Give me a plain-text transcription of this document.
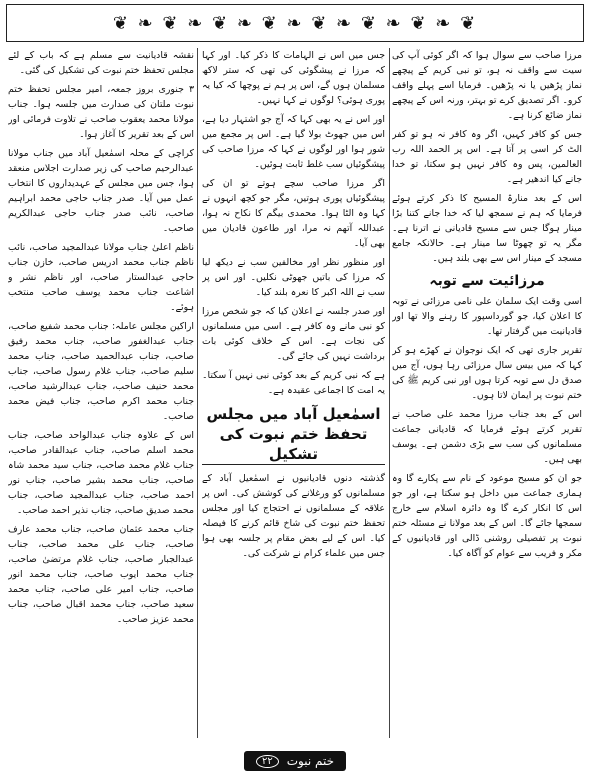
❦ ❧ ❦ ❧ ❦ ❧ ❦ ❧ ❦ ❧ ❦ ❧ ❦ ❧ ❦

مرزا صاحب سے سوال ہوا کہ اگر کوئی آپ کی سیت سے واقف نہ ہو، تو نبی کریم کے پیچھے نماز پڑھیں یا نہ پڑھیں۔ فرمایا اسے پہلے واقف کرو۔ اگر تصدیق کرے تو بہتر، ورنہ اس کے پیچھے نماز ضائع کرنا ہے۔

جس کو کافر کہیں، اگر وہ کافر نہ ہو تو کفر الٹ کر اسی پر آتا ہے۔ اس پر الحمد اللہ رب العالمین، پس وہ کافر نہیں ہو سکتا، تو خدا جانے کیا اندھیر ہے۔

اس کے بعد منارۃ المسیح کا ذکر کرتے ہوئے فرمایا کہ ہم نے سمجھ لیا کہ خدا جانے کتنا بڑا مینار ہوگا جس سے مسیح قادیانی نے اترنا ہے۔ مگر یہ تو چھوٹا سا مینار ہے۔ حالانکہ جامع مسجد کے مینار اس سے بھی بلند ہیں۔

مرزائیت سے توبہ

اسی وقت ایک سلمان علی نامی مرزائی نے توبہ کا اعلان کیا، جو گورداسپور کا رہنے والا تھا اور قادیانیت میں گرفتار تھا۔

تقریر جاری تھی کہ ایک نوجوان نے کھڑے ہو کر کہا کہ میں بیس سال مرزائی رہا ہوں، آج میں صدق دل سے توبہ کرتا ہوں اور نبی کریم ﷺ کی ختم نبوت پر ایمان لاتا ہوں۔

اس کے بعد جناب مرزا محمد علی صاحب نے تقریر کرتے ہوئے فرمایا کہ قادیانی جماعت مسلمانوں کی سب سے بڑی دشمن ہے۔ یوسف بھی ہیں۔

جو ان کو مسیح موعود کے نام سے پکارے گا وہ ہماری جماعت میں داخل ہو سکتا ہے، اور جو اس کا انکار کرے گا وہ دائرہ اسلام سے خارج سمجھا جائے گا۔ اس کے بعد مولانا نے مسئلہ ختم نبوت پر تفصیلی روشنی ڈالی اور قادیانیوں کے مکر و فریب سے عوام کو آگاہ کیا۔

جس میں اس نے الہامات کا ذکر کیا۔ اور کہا کہ مرزا نے پیشگوئی کی تھی کہ ستر لاکھ مسلمان ہوں گے، اس پر ہم نے پوچھا کہ کیا یہ پوری ہوئی؟ لوگوں نے کہا نہیں۔

اور اس نے یہ بھی کہا کہ آج جو اشتہار دیا ہے، اس میں جھوٹ بولا گیا ہے۔ اس پر مجمع میں شور ہوا اور لوگوں نے کہا کہ مرزا صاحب کی پیشگوئیاں سب غلط ثابت ہوئیں۔

اگر مرزا صاحب سچے ہوتے تو ان کی پیشگوئیاں پوری ہوتیں، مگر جو کچھ انہوں نے کہا وہ الٹا ہوا۔ محمدی بیگم کا نکاح نہ ہوا، عبداللہ آتھم نہ مرا، اور طاعون قادیان میں بھی آیا۔

اور منظور نظر اور مخالفین سب نے دیکھ لیا کہ مرزا کی باتیں جھوٹی نکلیں۔ اور اس پر سب نے اللہ اکبر کا نعرہ بلند کیا۔

اور صدر جلسہ نے اعلان کیا کہ جو شخص مرزا کو نبی مانے وہ کافر ہے۔ اسی میں مسلمانوں کی نجات ہے۔ اس کے خلاف کوئی بات برداشت نہیں کی جائے گی۔

ہے کہ نبی کریم کے بعد کوئی نبی نہیں آ سکتا۔ یہ امت کا اجماعی عقیدہ ہے۔

اسمٰعیل آباد میں مجلس تحفظ ختم نبوت کی تشکیل

گذشتہ دنوں قادیانیوں نے اسمٰعیل آباد کے مسلمانوں کو ورغلانے کی کوشش کی۔ اس پر علاقہ کے مسلمانوں نے احتجاج کیا اور مجلس تحفظ ختم نبوت کی شاخ قائم کرنے کا فیصلہ کیا۔ اس کے لیے بعض مقام پر جلسہ بھی ہوا جس میں علماء کرام نے شرکت کی۔

نقشہ قادیانیت سے مسلم ہے کہ باب کے لئے مجلس تحفظ ختم نبوت کی تشکیل کی گئی۔

۳ جنوری بروز جمعہ، امیر مجلس تحفظ ختم نبوت ملتان کی صدارت میں جلسہ ہوا۔ جناب مولانا محمد یعقوب صاحب نے تلاوت فرمائی اور اس کے بعد تقریر کا آغاز ہوا۔

کراچی کے محلہ اسمٰعیل آباد میں جناب مولانا عبدالرحیم صاحب کی زیر صدارت اجلاس منعقد ہوا، جس میں مجلس کے عہدیداروں کا انتخاب عمل میں آیا۔ صدر جناب حاجی محمد ابراہیم صاحب، نائب صدر جناب حاجی عبدالکریم صاحب۔

ناظم اعلیٰ جناب مولانا عبدالمجید صاحب، نائب ناظم جناب محمد ادریس صاحب، خازن جناب حاجی عبدالستار صاحب، اور ناظم نشر و اشاعت جناب محمد یوسف صاحب منتخب ہوئے۔

اراکین مجلس عاملہ: جناب محمد شفیع صاحب، جناب عبدالغفور صاحب، جناب محمد رفیق صاحب، جناب عبدالحمید صاحب، جناب محمد سلیم صاحب، جناب غلام رسول صاحب، جناب محمد حنیف صاحب، جناب عبدالرشید صاحب، جناب محمد اکرم صاحب، جناب فیض محمد صاحب۔

اس کے علاوہ جناب عبدالواحد صاحب، جناب محمد اسلم صاحب، جناب عبدالقادر صاحب، جناب غلام محمد صاحب، جناب سید محمد شاہ صاحب، جناب محمد بشیر صاحب، جناب نور احمد صاحب، جناب عبدالمجید صاحب، جناب محمد صدیق صاحب، جناب نذیر احمد صاحب۔

جناب محمد عثمان صاحب، جناب محمد عارف صاحب، جناب علی محمد صاحب، جناب عبدالجبار صاحب، جناب غلام مرتضیٰ صاحب، جناب محمد ایوب صاحب، جناب محمد انور صاحب، جناب امیر علی صاحب، جناب محمد سعید صاحب، جناب محمد اقبال صاحب، جناب محمد عزیز صاحب۔

۲۲	ختم نبوت
